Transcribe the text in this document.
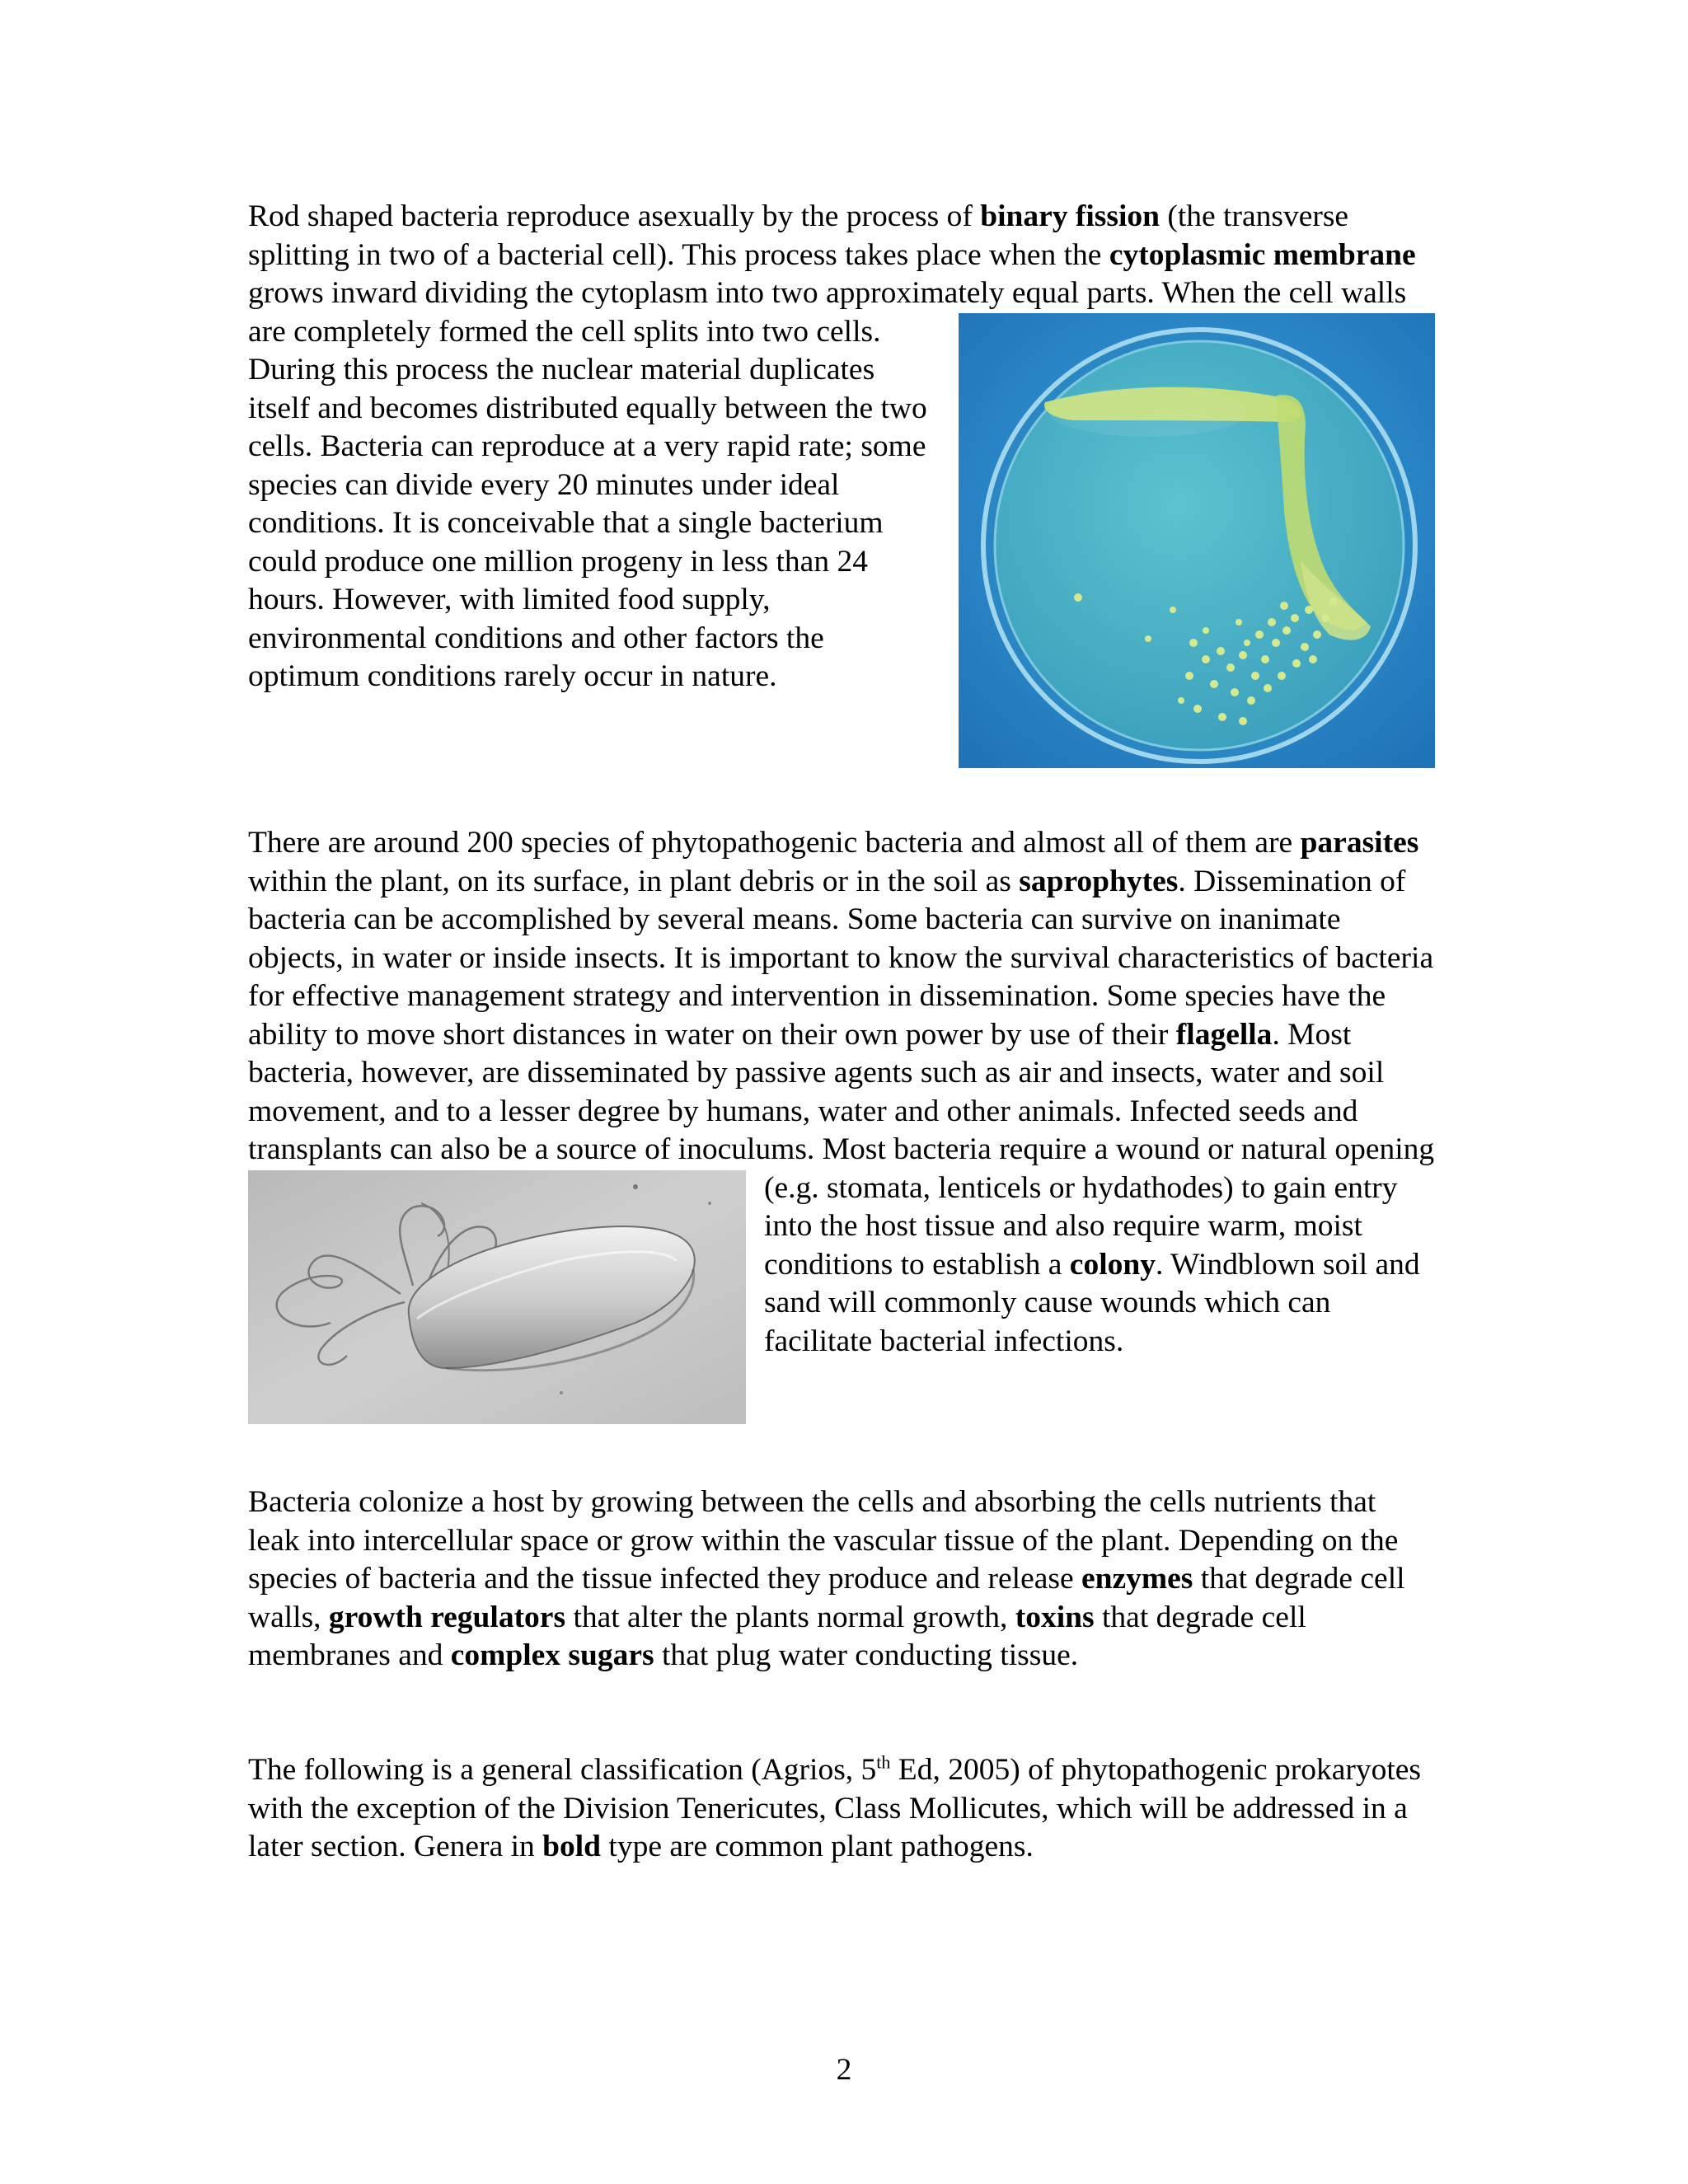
Rod shaped bacteria reproduce asexually by the process of binary fission (the transverse splitting in two of a bacterial cell). This process takes place when the cytoplasmic membrane grows inward dividing the cytoplasm into two approximately equal parts. When the cell walls are completely formed the cell splits into two cells. During this process the nuclear material duplicates itself and becomes distributed equally between the two cells. Bacteria can reproduce at a very rapid rate; some species can divide every 20 minutes under ideal conditions. It is conceivable that a single bacterium could produce one million progeny in less than 24 hours. However, with limited food supply, environmental conditions and other factors the optimum conditions rarely occur in nature.

There are around 200 species of phytopathogenic bacteria and almost all of them are parasites within the plant, on its surface, in plant debris or in the soil as saprophytes. Dissemination of bacteria can be accomplished by several means. Some bacteria can survive on inanimate objects, in water or inside insects. It is important to know the survival characteristics of bacteria for effective management strategy and intervention in dissemination. Some species have the ability to move short distances in water on their own power by use of their flagella. Most bacteria, however, are disseminated by passive agents such as air and insects, water and soil movement, and to a lesser degree by humans, water and other animals. Infected seeds and transplants can also be a source of inoculums. Most bacteria require a wound or natural opening (e.g. stomata, lenticels or hydathodes) to gain entry into the host tissue and also require warm, moist conditions to establish a colony. Windblown soil and sand will commonly cause wounds which can facilitate bacterial infections.

Bacteria colonize a host by growing between the cells and absorbing the cells nutrients that leak into intercellular space or grow within the vascular tissue of the plant. Depending on the species of bacteria and the tissue infected they produce and release enzymes that degrade cell walls, growth regulators that alter the plants normal growth, toxins that degrade cell membranes and complex sugars that plug water conducting tissue.

The following is a general classification (Agrios, 5th Ed, 2005) of phytopathogenic prokaryotes with the exception of the Division Tenericutes, Class Mollicutes, which will be addressed in a later section. Genera in bold type are common plant pathogens.

2
